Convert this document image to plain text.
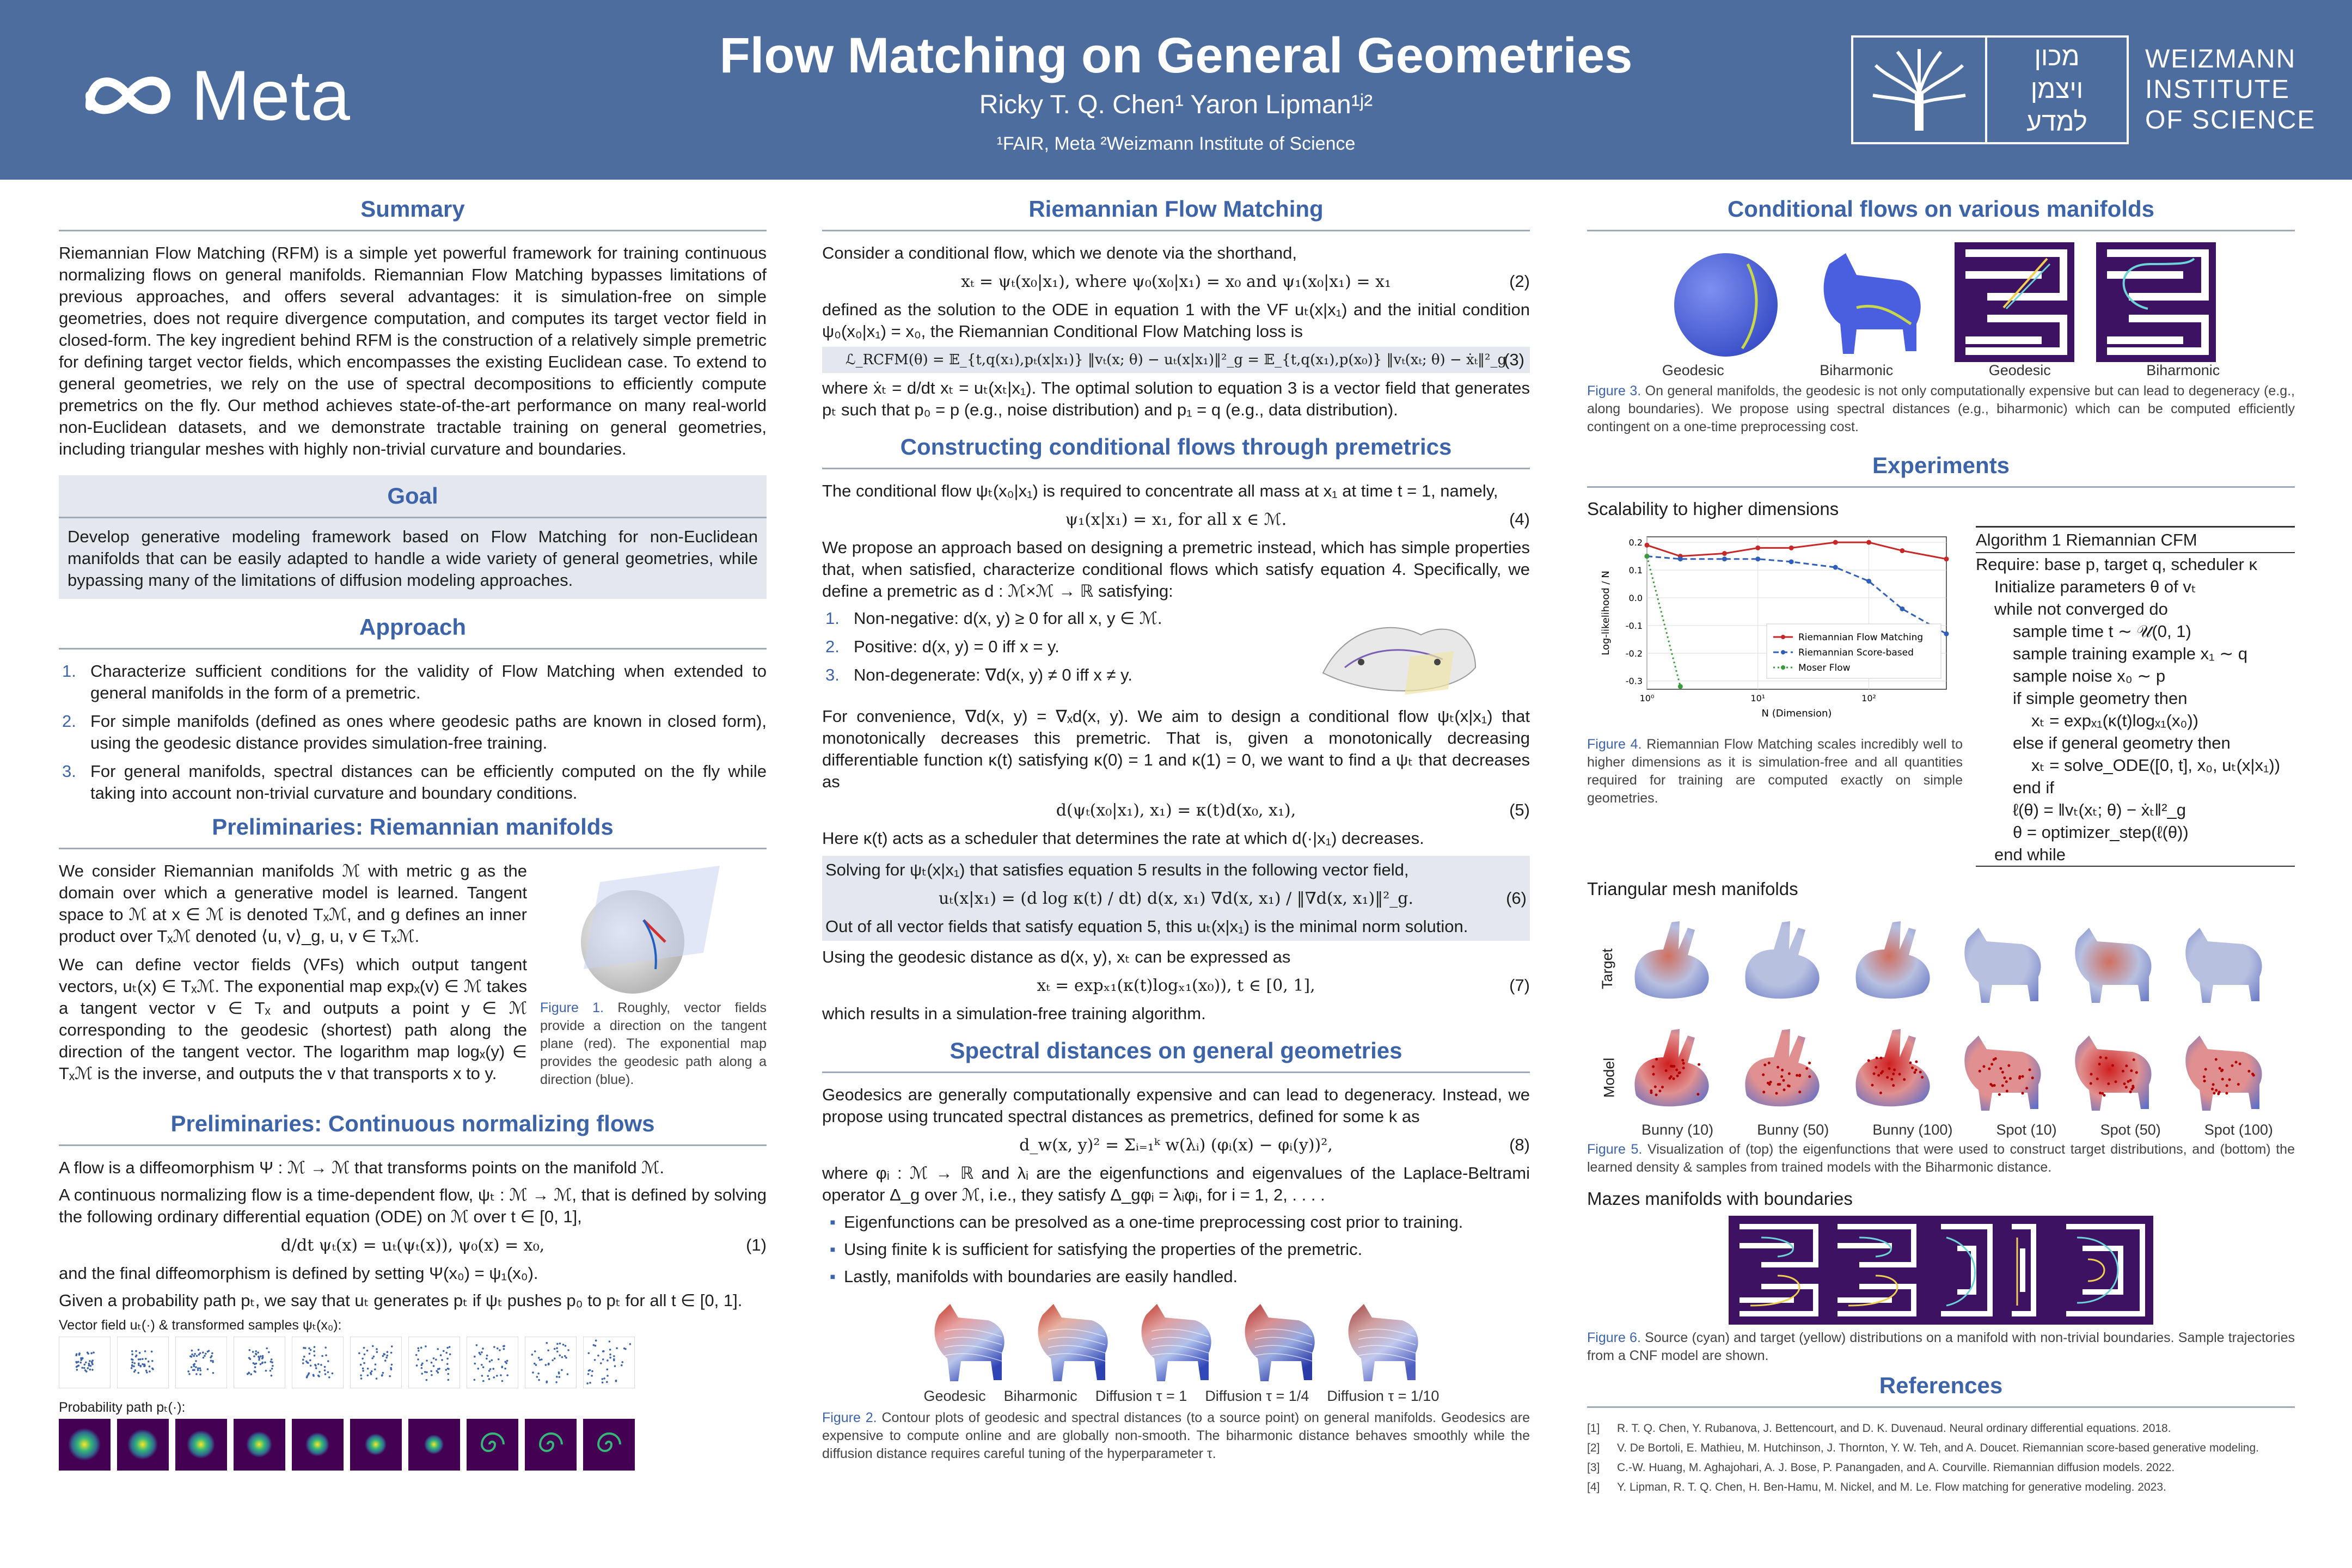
Meta	Flow Matching on General Geometries
Ricky T. Q. Chen¹ Yaron Lipman¹ʲ²
¹FAIR, Meta ²Weizmann Institute of Science
מכון
ויצמן
למדע
WEIZMANN
INSTITUTE
OF SCIENCE
Summary

Riemannian Flow Matching (RFM) is a simple yet powerful framework for training continuous normalizing flows on general manifolds. Riemannian Flow Matching bypasses limitations of previous approaches, and offers several advantages: it is simulation-free on simple geometries, does not require divergence computation, and computes its target vector field in closed-form. The key ingredient behind RFM is the construction of a relatively simple premetric for defining target vector fields, which encompasses the existing Euclidean case. To extend to general geometries, we rely on the use of spectral decompositions to efficiently compute premetrics on the fly. Our method achieves state-of-the-art performance on many real-world non-Euclidean datasets, and we demonstrate tractable training on general geometries, including triangular meshes with highly non-trivial curvature and boundaries.

Goal
Develop generative modeling framework based on Flow Matching for non-Euclidean manifolds that can be easily adapted to handle a wide variety of general geometries, while bypassing many of the limitations of diffusion modeling approaches.
Approach
1. Characterize sufficient conditions for the validity of Flow Matching when extended to general manifolds in the form of a premetric.
2. For simple manifolds (defined as ones where geodesic paths are known in closed form), using the geodesic distance provides simulation-free training.
3. For general manifolds, spectral distances can be efficiently computed on the fly while taking into account non-trivial curvature and boundary conditions.
Preliminaries: Riemannian manifolds

We consider Riemannian manifolds ℳ with metric g as the domain over which a generative model is learned. Tangent space to ℳ at x ∈ ℳ is denoted Tₓℳ, and g defines an inner product over Tₓℳ denoted ⟨u, v⟩_g, u, v ∈ Tₓℳ.

We can define vector fields (VFs) which output tangent vectors, uₜ(x) ∈ Tₓℳ. The exponential map expₓ(v) ∈ ℳ takes a tangent vector v ∈ Tₓ and outputs a point y ∈ ℳ corresponding to the geodesic (shortest) path along the direction of the tangent vector. The logarithm map logₓ(y) ∈ Tₓℳ is the inverse, and outputs the v that transports x to y.

Figure 1. Roughly, vector fields provide a direction on the tangent plane (red). The exponential map provides the geodesic path along a direction (blue).
Preliminaries: Continuous normalizing flows

A flow is a diffeomorphism Ψ : ℳ → ℳ that transforms points on the manifold ℳ.

A continuous normalizing flow is a time-dependent flow, ψₜ : ℳ → ℳ, that is defined by solving the following ordinary differential equation (ODE) on ℳ over t ∈ [0, 1],

d/dt ψₜ(x) = uₜ(ψₜ(x)), ψ₀(x) = x₀,	(1)

and the final diffeomorphism is defined by setting Ψ(x₀) = ψ₁(x₀).

Given a probability path pₜ, we say that uₜ generates pₜ if ψₜ pushes p₀ to pₜ for all t ∈ [0, 1].

Vector field uₜ(·) & transformed samples ψₜ(x₀):
Probability path pₜ(·):
Riemannian Flow Matching

Consider a conditional flow, which we denote via the shorthand,

xₜ = ψₜ(x₀|x₁), where ψ₀(x₀|x₁) = x₀ and ψ₁(x₀|x₁) = x₁	(2)

defined as the solution to the ODE in equation 1 with the VF uₜ(x|x₁) and the initial condition ψ₀(x₀|x₁) = x₀, the Riemannian Conditional Flow Matching loss is

ℒ_RCFM(θ) = 𝔼_{t,q(x₁),pₜ(x|x₁)} ‖vₜ(x; θ) − uₜ(x|x₁)‖²_g = 𝔼_{t,q(x₁),p(x₀)} ‖vₜ(xₜ; θ) − ẋₜ‖²_g
(3)

where ẋₜ = d/dt xₜ = uₜ(xₜ|x₁). The optimal solution to equation 3 is a vector field that generates pₜ such that p₀ = p (e.g., noise distribution) and p₁ = q (e.g., data distribution).

Constructing conditional flows through premetrics

The conditional flow ψₜ(x₀|x₁) is required to concentrate all mass at x₁ at time t = 1, namely,

ψ₁(x|x₁) = x₁, for all x ∈ ℳ.	(4)

We propose an approach based on designing a premetric instead, which has simple properties that, when satisfied, characterize conditional flows which satisfy equation 4. Specifically, we define a premetric as d : ℳ×ℳ → ℝ satisfying:

1. Non-negative: d(x, y) ≥ 0 for all x, y ∈ ℳ.
2. Positive: d(x, y) = 0 iff x = y.
3. Non-degenerate: ∇d(x, y) ≠ 0 iff x ≠ y.

For convenience, ∇d(x, y) = ∇ₓd(x, y). We aim to design a conditional flow ψₜ(x|x₁) that monotonically decreases this premetric. That is, given a monotonically decreasing differentiable function κ(t) satisfying κ(0) = 1 and κ(1) = 0, we want to find a ψₜ that decreases as

d(ψₜ(x₀|x₁), x₁) = κ(t)d(x₀, x₁),	(5)

Here κ(t) acts as a scheduler that determines the rate at which d(·|x₁) decreases.

Solving for ψₜ(x|x₁) that satisfies equation 5 results in the following vector field,

uₜ(x|x₁) = (d log κ(t) / dt) d(x, x₁) ∇d(x, x₁) / ‖∇d(x, x₁)‖²_g.	(6)

Out of all vector fields that satisfy equation 5, this uₜ(x|x₁) is the minimal norm solution.

Using the geodesic distance as d(x, y), xₜ can be expressed as

xₜ = expₓ₁(κ(t)logₓ₁(x₀)), t ∈ [0, 1],	(7)

which results in a simulation-free training algorithm.

Spectral distances on general geometries

Geodesics are generally computationally expensive and can lead to degeneracy. Instead, we propose using truncated spectral distances as premetrics, defined for some k as

d_w(x, y)² = Σᵢ₌₁ᵏ w(λᵢ) (φᵢ(x) − φᵢ(y))²,	(8)

where φᵢ : ℳ → ℝ and λᵢ are the eigenfunctions and eigenvalues of the Laplace-Beltrami operator Δ_g over ℳ, i.e., they satisfy Δ_gφᵢ = λᵢφᵢ, for i = 1, 2, . . . .

▪ Eigenfunctions can be presolved as a one-time preprocessing cost prior to training.
▪ Using finite k is sufficient for satisfying the properties of the premetric.
▪ Lastly, manifolds with boundaries are easily handled.
Geodesic Biharmonic Diffusion τ = 1 Diffusion τ = 1/4 Diffusion τ = 1/10
Figure 2. Contour plots of geodesic and spectral distances (to a source point) on general manifolds. Geodesics are expensive to compute online and are globally non-smooth. The biharmonic distance behaves smoothly while the diffusion distance requires careful tuning of the hyperparameter τ.
Conditional flows on various manifolds
Geodesic	Biharmonic	Geodesic	Biharmonic
Figure 3. On general manifolds, the geodesic is not only computationally expensive but can lead to degeneracy (e.g., along boundaries). We propose using spectral distances (e.g., biharmonic) which can be computed efficiently contingent on a one-time preprocessing cost.
Experiments
Scalability to higher dimensions
0.2
0.1
0.0
-0.1
-0.2
-0.3
10⁰	10¹	10²
N (Dimension)
Log-likelihood / N	Riemannian Flow Matching
Riemannian Score-based
Moser Flow
Figure 4. Riemannian Flow Matching scales incredibly well to higher dimensions as it is simulation-free and all quantities required for training are computed exactly on simple geometries.
Algorithm 1 Riemannian CFM
Require: base p, target q, scheduler κ
Initialize parameters θ of vₜ
while not converged do
sample time t ∼ 𝒰(0, 1)
sample training example x₁ ∼ q
sample noise x₀ ∼ p
if simple geometry then
xₜ = expₓ₁(κ(t)logₓ₁(x₀))
else if general geometry then
xₜ = solve_ODE([0, t], x₀, uₜ(x|x₁))
end if
ℓ(θ) = ‖vₜ(xₜ; θ) − ẋₜ‖²_g
θ = optimizer_step(ℓ(θ))
end while
Triangular mesh manifolds
Target
Model
Bunny (10)	Bunny (50)	Bunny (100)	Spot (10)	Spot (50)	Spot (100)
Figure 5. Visualization of (top) the eigenfunctions that were used to construct target distributions, and (bottom) the learned density & samples from trained models with the Biharmonic distance.
Mazes manifolds with boundaries
Figure 6. Source (cyan) and target (yellow) distributions on a manifold with non-trivial boundaries. Sample trajectories from a CNF model are shown.
References
[1]	R. T. Q. Chen, Y. Rubanova, J. Bettencourt, and D. K. Duvenaud. Neural ordinary differential equations. 2018.
[2]	V. De Bortoli, E. Mathieu, M. Hutchinson, J. Thornton, Y. W. Teh, and A. Doucet. Riemannian score-based generative modeling.
[3]	C.-W. Huang, M. Aghajohari, A. J. Bose, P. Panangaden, and A. Courville. Riemannian diffusion models. 2022.
[4]	Y. Lipman, R. T. Q. Chen, H. Ben-Hamu, M. Nickel, and M. Le. Flow matching for generative modeling. 2023.
